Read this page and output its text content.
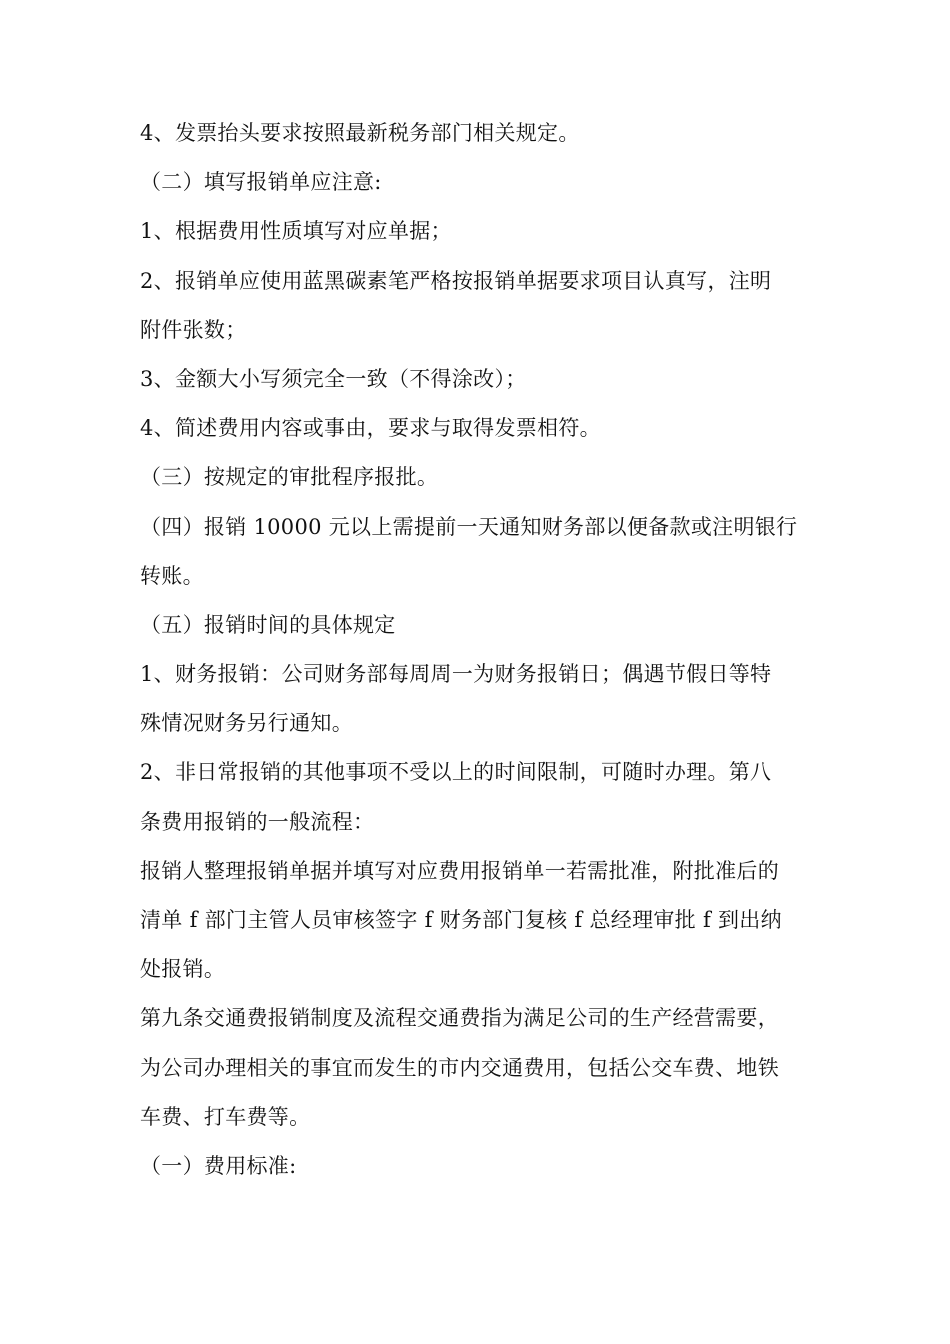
4、发票抬头要求按照最新税务部门相关规定。
（二）填写报销单应注意:
1、根据费用性质填写对应单据；
2、报销单应使用蓝黑碳素笔严格按报销单据要求项目认真写，注明
附件张数；
3、金额大小写须完全一致（不得涂改）；
4、简述费用内容或事由，要求与取得发票相符。
（三）按规定的审批程序报批。
（四）报销 10000 元以上需提前一天通知财务部以便备款或注明银行
转账。
（五）报销时间的具体规定
1、财务报销：公司财务部每周周一为财务报销日；偶遇节假日等特
殊情况财务另行通知。
2、非日常报销的其他事项不受以上的时间限制，可随时办理。第八
条费用报销的一般流程：
报销人整理报销单据并填写对应费用报销单一若需批准，附批准后的
清单 f 部门主管人员审核签字 f 财务部门复核 f 总经理审批 f 到出纳
处报销。
第九条交通费报销制度及流程交通费指为满足公司的生产经营需要，
为公司办理相关的事宜而发生的市内交通费用，包括公交车费、地铁
车费、打车费等。
（一）费用标准:
